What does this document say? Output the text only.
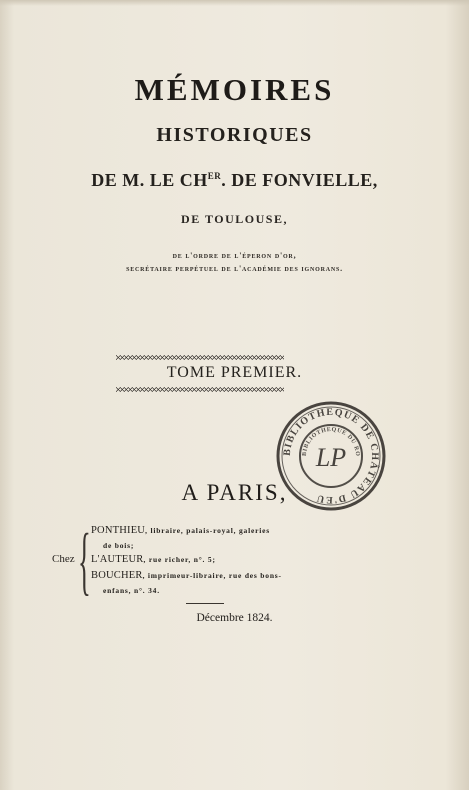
MÉMOIRES
HISTORIQUES
DE M. LE $CH^{ER}$. DE FONVIELLE,
DE TOULOUSE,
de l'ordre de l'éperon d'or,
secrétaire perpétuel de l'académie des ignorans.
TOME PREMIER.
BIBLIOTHEQUE DE CHÂTEAU D'EU
BIBLIOTHEQUE DU RO
LP
A PARIS,
Chez { PONTHIEU, libraire, palais-royal, galeries
de bois;
L'AUTEUR, rue richer, n°. 5;
BOUCHER, imprimeur-libraire, rue des bons-
enfans, n°. 34.
Décembre 1824.
